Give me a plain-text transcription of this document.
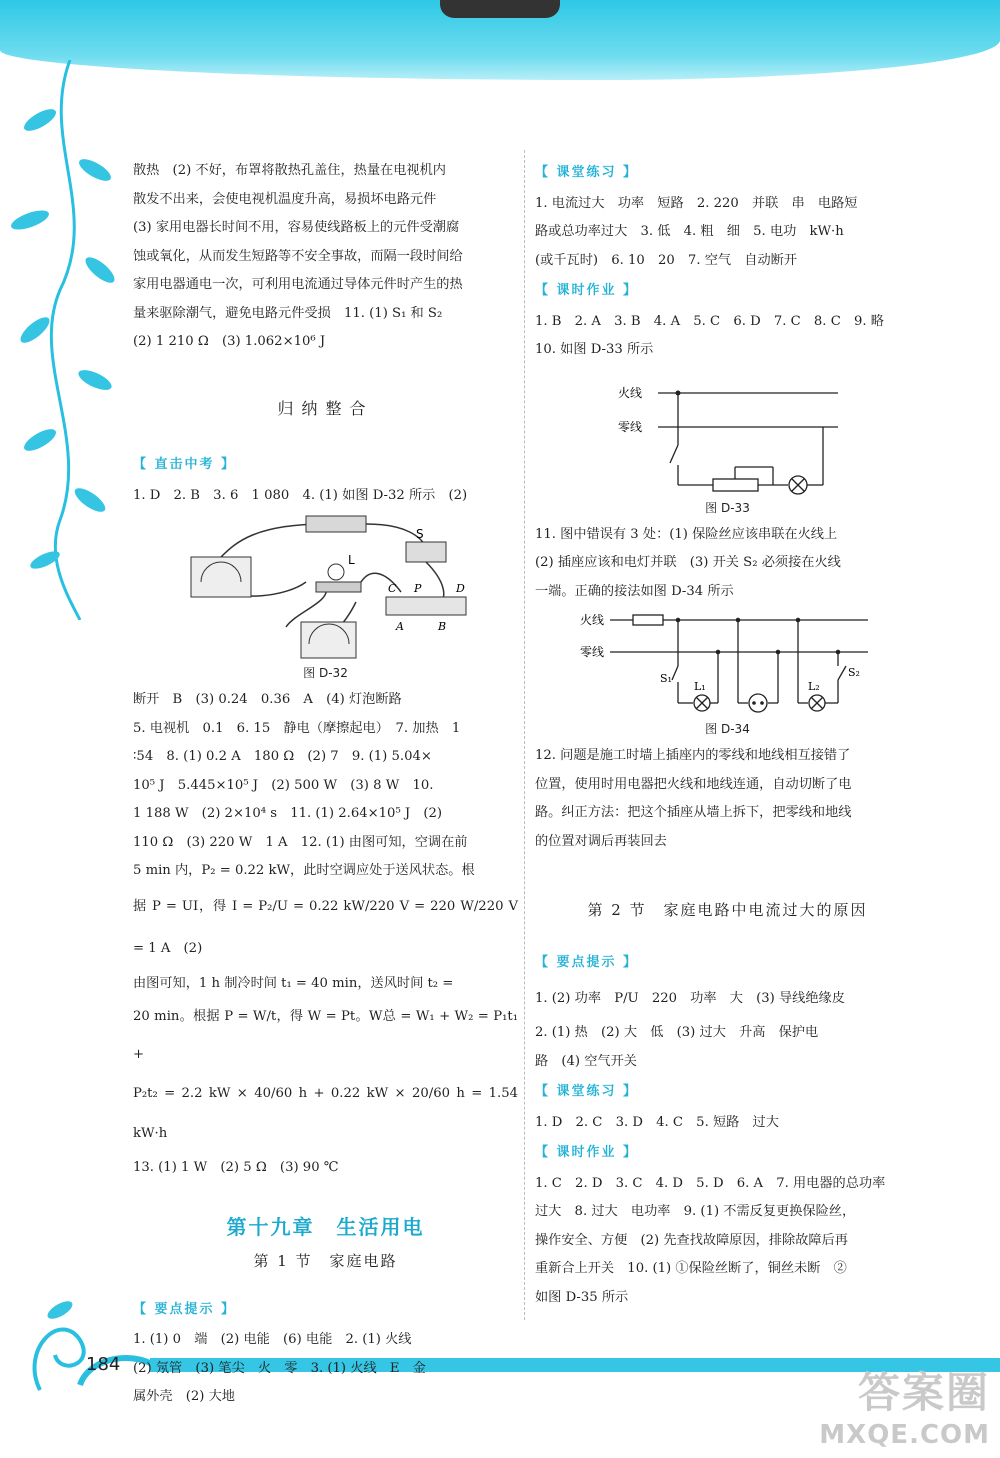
184
答案圈
MXQE.COM

散热　(2) 不好，布罩将散热孔盖住，热量在电视机内

散发不出来，会使电视机温度升高，易损坏电路元件

(3) 家用电器长时间不用，容易使线路板上的元件受潮腐

蚀或氧化，从而发生短路等不安全事故，而隔一段时间给

家用电器通电一次，可利用电流通过导体元件时产生的热

量来驱除潮气，避免电路元件受损　11. (1) S₁ 和 S₂

(2) 1 210 Ω　(3) 1.062×10⁶ J

归纳整合
【 直击中考 】

1. D　2. B　3. 6　1 080　4. (1) 如图 D-32 所示　(2)

S
L
C P	D
A	B
图 D-32

断开　B　(3) 0.24　0.36　A　(4) 灯泡断路

5. 电视机　0.1　6. 15　静电（摩擦起电）　7. 加热　1

∶54　8. (1) 0.2 A　180 Ω　(2) 7　9. (1) 5.04×

10⁵ J　5.445×10⁵ J　(2) 500 W　(3) 8 W　10.

1 188 W　(2) 2×10⁴ s　11. (1) 2.64×10⁵ J　(2)

110 Ω　(3) 220 W　1 A　12. (1) 由图可知，空调在前

5 min 内，P₂ = 0.22 kW，此时空调应处于送风状态。根

据 P = UI，得 I = P₂/U = 0.22 kW/220 V = 220 W/220 V = 1 A　(2)

由图可知，1 h 制冷时间 t₁ = 40 min，送风时间 t₂ =

20 min。根据 P = W/t，得 W = Pt。W总 = W₁ + W₂ = P₁t₁ +

P₂t₂ = 2.2 kW × 40/60 h + 0.22 kW × 20/60 h = 1.54 kW·h

13. (1) 1 W　(2) 5 Ω　(3) 90 ℃

第十九章　生活用电
第 1 节　家庭电路
【 要点提示 】

1. (1) 0　端　(2) 电能　(6) 电能　2. (1) 火线

(2) 氖管　(3) 笔尖　火　零　3. (1) 火线　E　金

属外壳　(2) 大地

【 课堂练习 】

1. 电流过大　功率　短路　2. 220　并联　串　电路短

路或总功率过大　3. 低　4. 粗　细　5. 电功　kW·h

(或千瓦时)　6. 10　20　7. 空气　自动断开

【 课时作业 】

1. B　2. A　3. B　4. A　5. C　6. D　7. C　8. C　9. 略

10. 如图 D-33 所示

火线
零线
图 D-33

11. 图中错误有 3 处：(1) 保险丝应该串联在火线上

(2) 插座应该和电灯并联　(3) 开关 S₂ 必须接在火线

一端。正确的接法如图 D-34 所示

火线
零线
S₁
L₁	L₂
S₂
图 D-34

12. 问题是施工时墙上插座内的零线和地线相互接错了

位置，使用时用电器把火线和地线连通，自动切断了电

路。纠正方法：把这个插座从墙上拆下，把零线和地线

的位置对调后再装回去

第 2 节　家庭电路中电流过大的原因
【 要点提示 】

1. (2) 功率　P/U　220　功率　大　(3) 导线绝缘皮

2. (1) 热　(2) 大　低　(3) 过大　升高　保护电

路　(4) 空气开关

【 课堂练习 】

1. D　2. C　3. D　4. C　5. 短路　过大

【 课时作业 】

1. C　2. D　3. C　4. D　5. D　6. A　7. 用电器的总功率

过大　8. 过大　电功率　9. (1) 不需反复更换保险丝，

操作安全、方便　(2) 先查找故障原因，排除故障后再

重新合上开关　10. (1) ①保险丝断了，铜丝未断　②

如图 D-35 所示
